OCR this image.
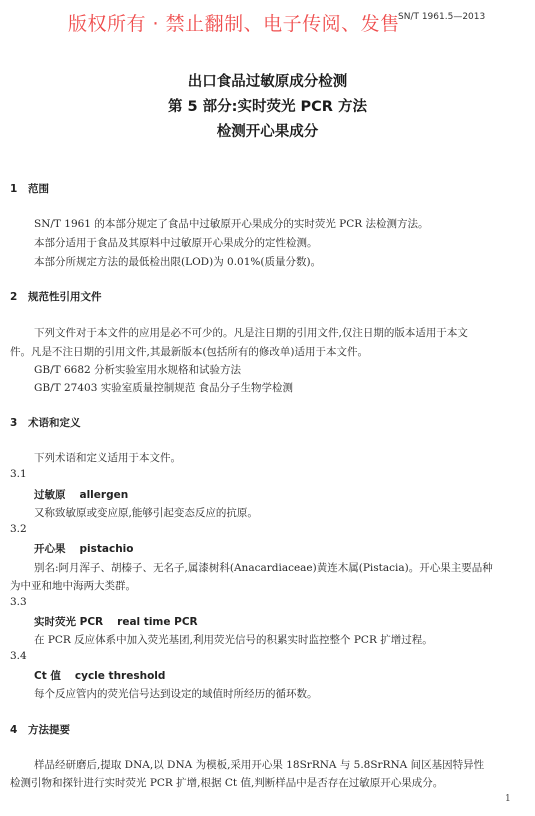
版权所有 · 禁止翻制、电子传阅、发售
SN/T 1961.5—2013
出口食品过敏原成分检测
第 5 部分:实时荧光 PCR 方法
检测开心果成分
1 范围
SN/T 1961 的本部分规定了食品中过敏原开心果成分的实时荧光 PCR 法检测方法。
本部分适用于食品及其原料中过敏原开心果成分的定性检测。
本部分所规定方法的最低检出限(LOD)为 0.01%(质量分数)。
2 规范性引用文件
下列文件对于本文件的应用是必不可少的。凡是注日期的引用文件,仅注日期的版本适用于本文
件。凡是不注日期的引用文件,其最新版本(包括所有的修改单)适用于本文件。
GB/T 6682 分析实验室用水规格和试验方法
GB/T 27403 实验室质量控制规范 食品分子生物学检测
3 术语和定义
下列术语和定义适用于本文件。
3.1
过敏原 allergen
又称致敏原或变应原,能够引起变态反应的抗原。
3.2
开心果 pistachio
别名:阿月浑子、胡榛子、无名子,属漆树科(Anacardiaceae)黄连木属(Pistacia)。开心果主要品种
为中亚和地中海两大类群。
3.3
实时荧光 PCR real time PCR
在 PCR 反应体系中加入荧光基团,利用荧光信号的积累实时监控整个 PCR 扩增过程。
3.4
Ct 值 cycle threshold
每个反应管内的荧光信号达到设定的域值时所经历的循环数。
4 方法提要
样品经研磨后,提取 DNA,以 DNA 为模板,采用开心果 18SrRNA 与 5.8SrRNA 间区基因特异性
检测引物和探针进行实时荧光 PCR 扩增,根据 Ct 值,判断样品中是否存在过敏原开心果成分。
1
